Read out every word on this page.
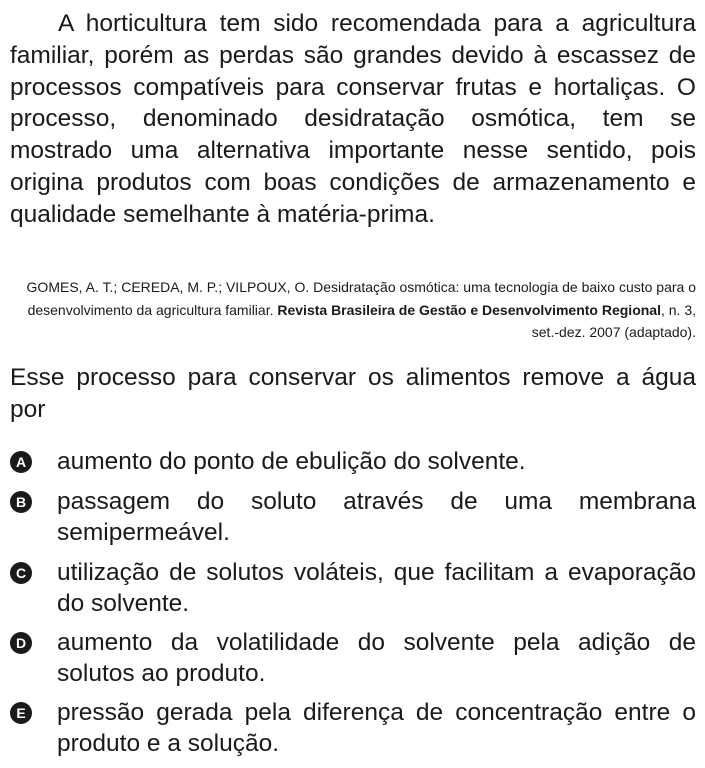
A horticultura tem sido recomendada para a agricultura familiar, porém as perdas são grandes devido à escassez de processos compatíveis para conservar frutas e hortaliças. O processo, denominado desidratação osmótica, tem se mostrado uma alternativa importante nesse sentido, pois origina produtos com boas condições de armazenamento e qualidade semelhante à matéria-prima.

GOMES, A. T.; CEREDA, M. P.; VILPOUX, O. Desidratação osmótica: uma tecnologia de baixo custo para o desenvolvimento da agricultura familiar. Revista Brasileira de Gestão e Desenvolvimento Regional, n. 3, set.-dez. 2007 (adaptado).

Esse processo para conservar os alimentos remove a água por

A aumento do ponto de ebulição do solvente.
B passagem do soluto através de uma membrana semipermeável.
C utilização de solutos voláteis, que facilitam a evaporação do solvente.
D aumento da volatilidade do solvente pela adição de solutos ao produto.
E pressão gerada pela diferença de concentração entre o produto e a solução.
